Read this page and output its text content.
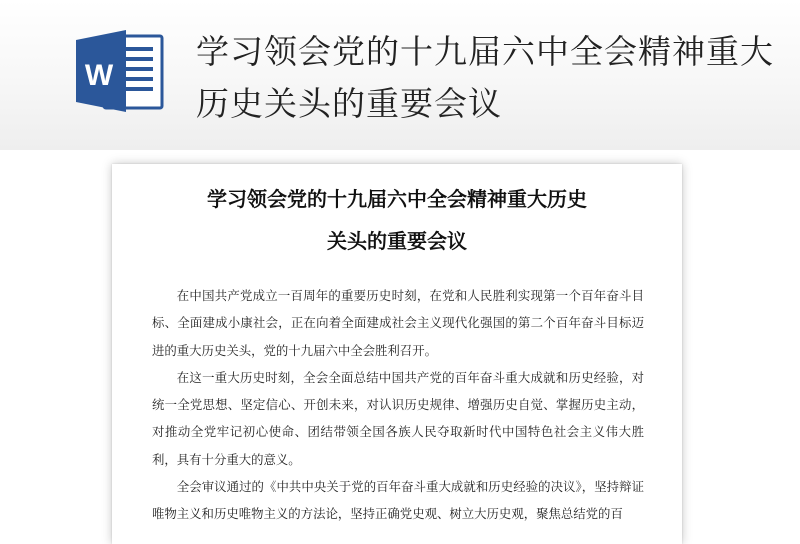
W
学习领会党的十九届六中全会精神重大历史关头的重要会议
学习领会党的十九届六中全会精神重大历史
关头的重要会议

在中国共产党成立一百周年的重要历史时刻，在党和人民胜利实现第一个百年奋斗目标、全面建成小康社会，正在向着全面建成社会主义现代化强国的第二个百年奋斗目标迈进的重大历史关头，党的十九届六中全会胜利召开。

在这一重大历史时刻，全会全面总结中国共产党的百年奋斗重大成就和历史经验，对统一全党思想、坚定信心、开创未来，对认识历史规律、增强历史自觉、掌握历史主动，对推动全党牢记初心使命、团结带领全国各族人民夺取新时代中国特色社会主义伟大胜利，具有十分重大的意义。

全会审议通过的《中共中央关于党的百年奋斗重大成就和历史经验的决议》，坚持辩证唯物主义和历史唯物主义的方法论，坚持正确党史观、树立大历史观，聚焦总结党的百
